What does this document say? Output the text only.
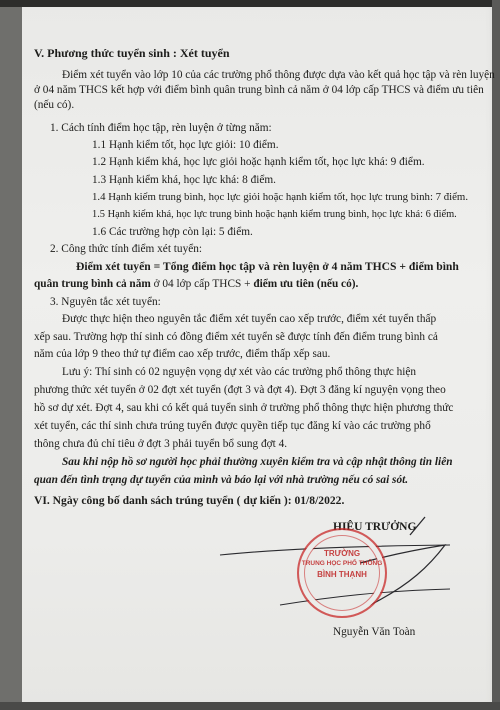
V. Phương thức tuyển sinh : Xét tuyển
Điểm xét tuyển vào lớp 10 của các trường phổ thông được dựa vào kết quả học tập và rèn luyện
ở 04 năm THCS kết hợp với điểm bình quân trung bình cả năm ở 04 lớp cấp THCS và điểm ưu tiên
(nếu có).
1. Cách tính điểm học tập, rèn luyện ở từng năm:
1.1 Hạnh kiểm tốt, học lực giỏi: 10 điểm.
1.2 Hạnh kiểm khá, học lực giỏi hoặc hạnh kiểm tốt, học lực khá: 9 điểm.
1.3 Hạnh kiểm khá, học lực khá: 8 điểm.
1.4 Hạnh kiểm trung bình, học lực giỏi hoặc hạnh kiểm tốt, học lực trung bình: 7 điểm.
1.5 Hạnh kiểm khá, học lực trung bình hoặc hạnh kiểm trung bình, học lực khá: 6 điểm.
1.6 Các trường hợp còn lại: 5 điểm.
2. Công thức tính điểm xét tuyển:
Điểm xét tuyển = Tổng điểm học tập và rèn luyện ở 4 năm THCS + điểm bình
quân trung bình cả năm ở 04 lớp cấp THCS + điểm ưu tiên (nếu có).
3. Nguyên tắc xét tuyển:
Được thực hiện theo nguyên tắc điểm xét tuyển cao xếp trước, điểm xét tuyển thấp
xếp sau. Trường hợp thí sinh có đồng điểm xét tuyển sẽ được tính đến điểm trung bình cả
năm của lớp 9 theo thứ tự điểm cao xếp trước, điểm thấp xếp sau.
Lưu ý: Thí sinh có 02 nguyện vọng dự xét vào các trường phổ thông thực hiện
phương thức xét tuyển ở 02 đợt xét tuyển (đợt 3 và đợt 4). Đợt 3 đăng kí nguyện vọng theo
hồ sơ dự xét. Đợt 4, sau khi có kết quả tuyển sinh ở trường phổ thông thực hiện phương thức
xét tuyển, các thí sinh chưa trúng tuyển được quyền tiếp tục đăng kí vào các trường phổ
thông chưa đủ chỉ tiêu ở đợt 3 phải tuyển bổ sung đợt 4.
Sau khi nộp hồ sơ người học phải thường xuyên kiểm tra và cập nhật thông tin liên
quan đến tình trạng dự tuyển của mình và báo lại với nhà trường nếu có sai sót.
VI. Ngày công bố danh sách trúng tuyển ( dự kiến ): 01/8/2022.
HIỆU TRƯỞNG
TRƯỜNG
TRUNG HỌC PHỔ THÔNG
BÌNH THẠNH
Nguyễn Văn Toàn
